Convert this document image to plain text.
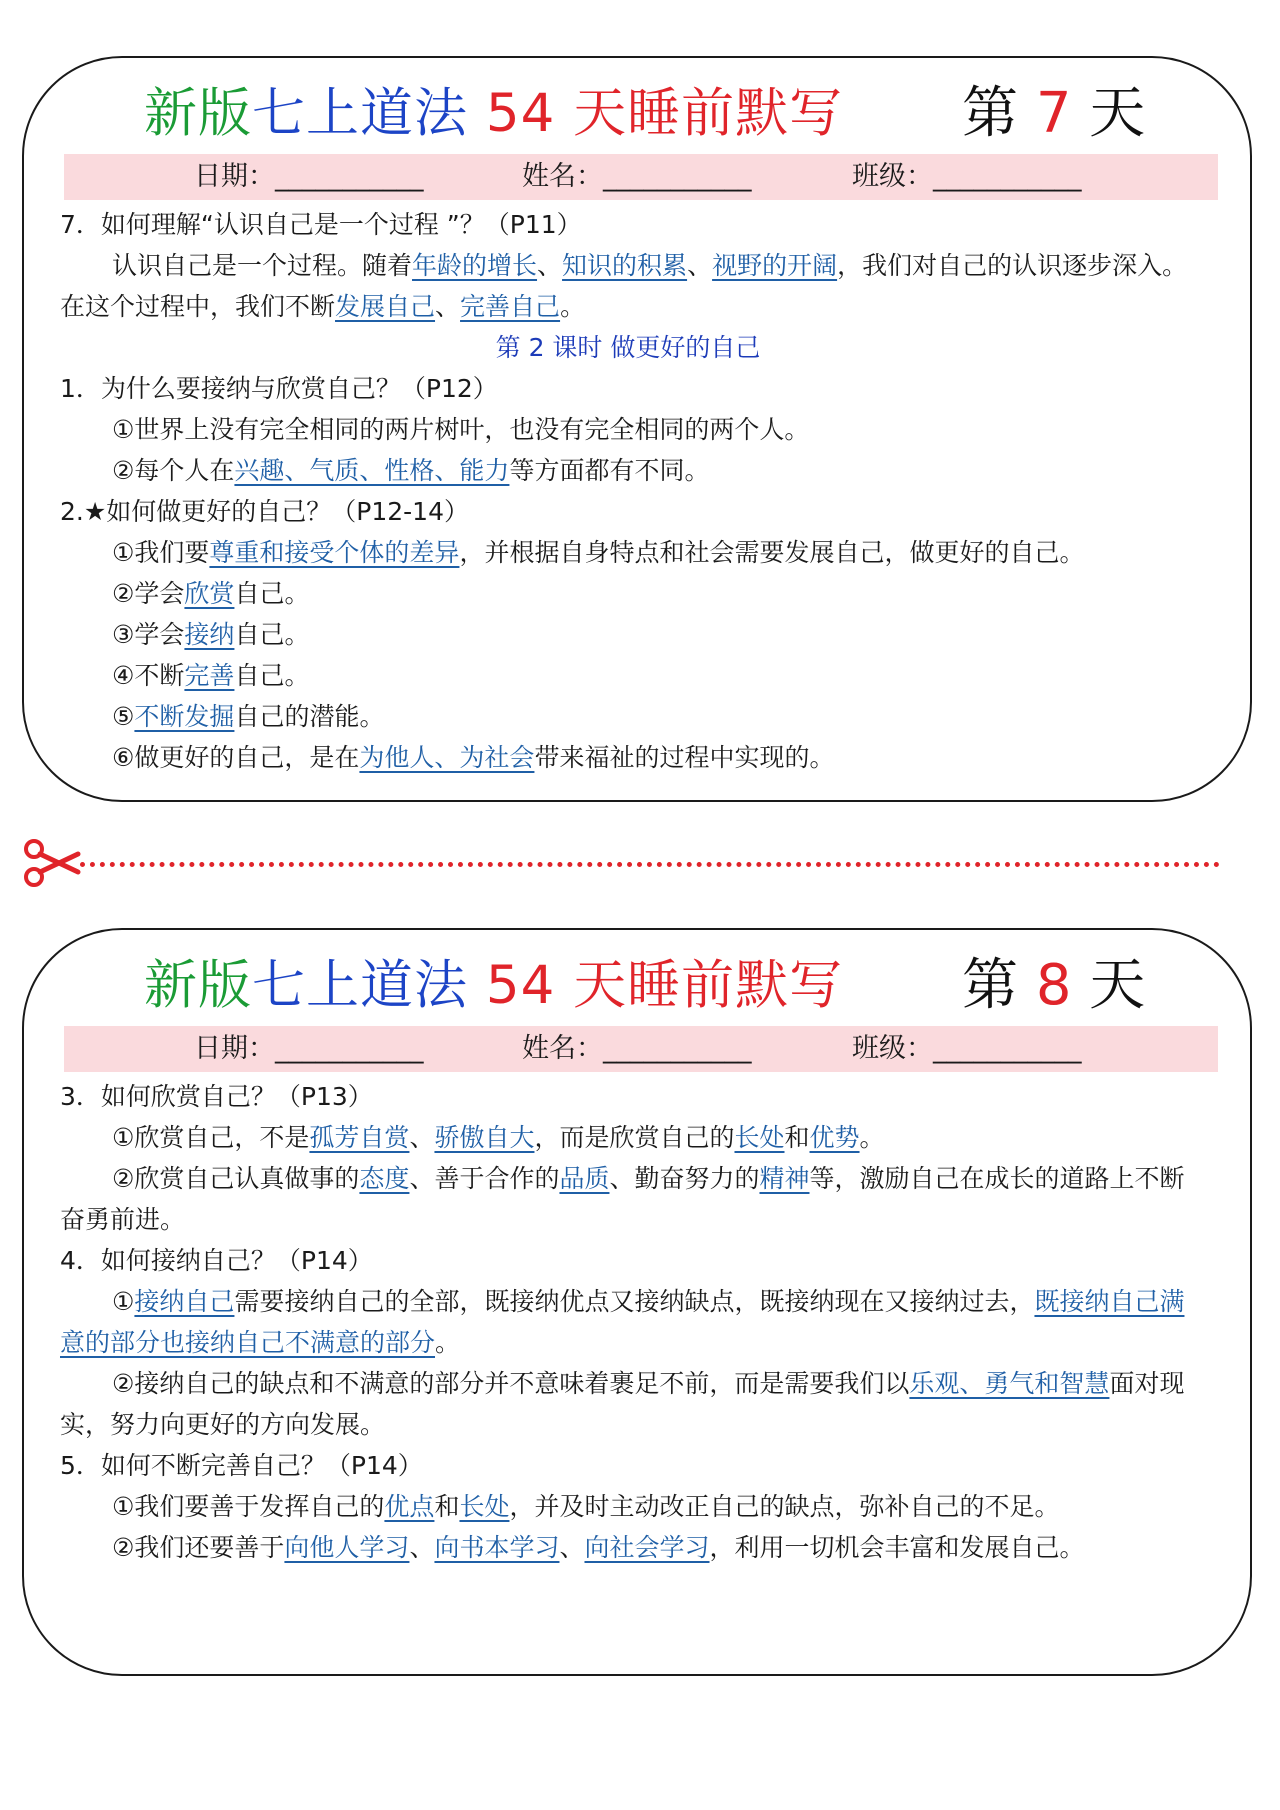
新版七上道法 54 天睡前默写 第 7 天
日期：___________	姓名：___________	班级：___________
7．如何理解“认识自己是一个过程 ”？（P11）
认识自己是一个过程。随着年龄的增长、知识的积累、视野的开阔，我们对自己的认识逐步深入。
在这个过程中，我们不断发展自己、完善自己。
第 2 课时 做更好的自己
1．为什么要接纳与欣赏自己？（P12）
①世界上没有完全相同的两片树叶，也没有完全相同的两个人。
②每个人在兴趣、气质、性格、能力等方面都有不同。
2.★如何做更好的自己？（P12-14）
①我们要尊重和接受个体的差异，并根据自身特点和社会需要发展自己，做更好的自己。
②学会欣赏自己。
③学会接纳自己。
④不断完善自己。
⑤不断发掘自己的潜能。
⑥做更好的自己，是在为他人、为社会带来福祉的过程中实现的。
新版七上道法 54 天睡前默写 第 8 天
日期：___________	姓名：___________	班级：___________
3．如何欣赏自己？（P13）
①欣赏自己，不是孤芳自赏、骄傲自大，而是欣赏自己的长处和优势。
②欣赏自己认真做事的态度、善于合作的品质、勤奋努力的精神等，激励自己在成长的道路上不断
奋勇前进。
4．如何接纳自己？（P14）
①接纳自己需要接纳自己的全部，既接纳优点又接纳缺点，既接纳现在又接纳过去，既接纳自己满
意的部分也接纳自己不满意的部分。
②接纳自己的缺点和不满意的部分并不意味着裹足不前，而是需要我们以乐观、勇气和智慧面对现
实，努力向更好的方向发展。
5．如何不断完善自己？（P14）
①我们要善于发挥自己的优点和长处，并及时主动改正自己的缺点，弥补自己的不足。
②我们还要善于向他人学习、向书本学习、向社会学习，利用一切机会丰富和发展自己。
